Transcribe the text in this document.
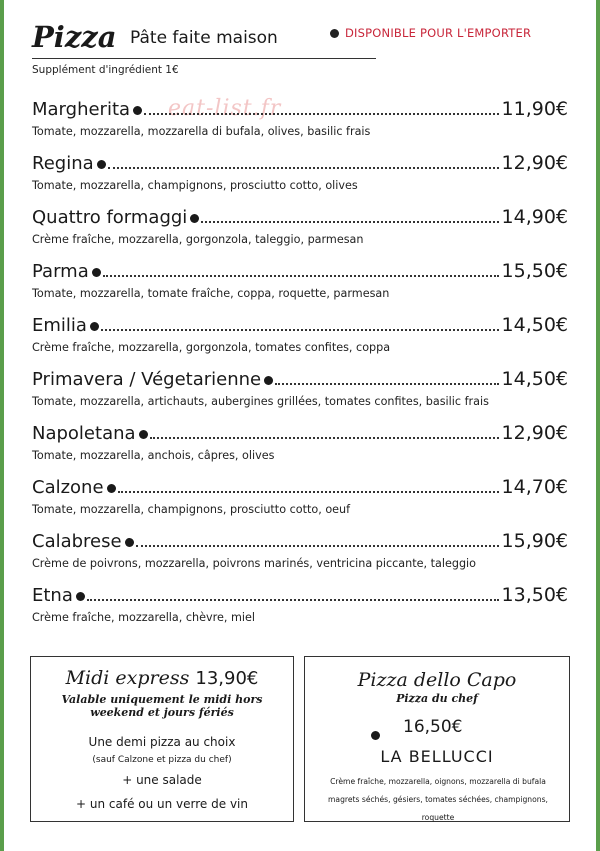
eat-list.fr
Pizza Pâte faite maison
Supplément d'ingrédient 1€
DISPONIBLE POUR L'EMPORTER
Margherita	11,90€
Tomate, mozzarella, mozzarella di bufala, olives, basilic frais
Regina	12,90€
Tomate, mozzarella, champignons, prosciutto cotto, olives
Quattro formaggi	14,90€
Crème fraîche, mozzarella, gorgonzola, taleggio, parmesan
Parma	15,50€
Tomate, mozzarella, tomate fraîche, coppa, roquette, parmesan
Emilia	14,50€
Crème fraîche, mozzarella, gorgonzola, tomates confites, coppa
Primavera / Végetarienne	14,50€
Tomate, mozzarella, artichauts, aubergines grillées, tomates confites, basilic frais
Napoletana	12,90€
Tomate, mozzarella, anchois, câpres, olives
Calzone	14,70€
Tomate, mozzarella, champignons, prosciutto cotto, oeuf
Calabrese	15,90€
Crème de poivrons, mozzarella, poivrons marinés, ventricina piccante, taleggio
Etna	13,50€
Crème fraîche, mozzarella, chèvre, miel
Midi express 13,90€
Valable uniquement le midi hors
weekend et jours fériés
Une demi pizza au choix
(sauf Calzone et pizza du chef)
+ une salade
+ un café ou un verre de vin
Pizza dello Capo
Pizza du chef
16,50€
LA BELLUCCI
Crème fraîche, mozzarella, oignons, mozzarella di bufala
magrets séchés, gésiers, tomates séchées, champignons, roquette
